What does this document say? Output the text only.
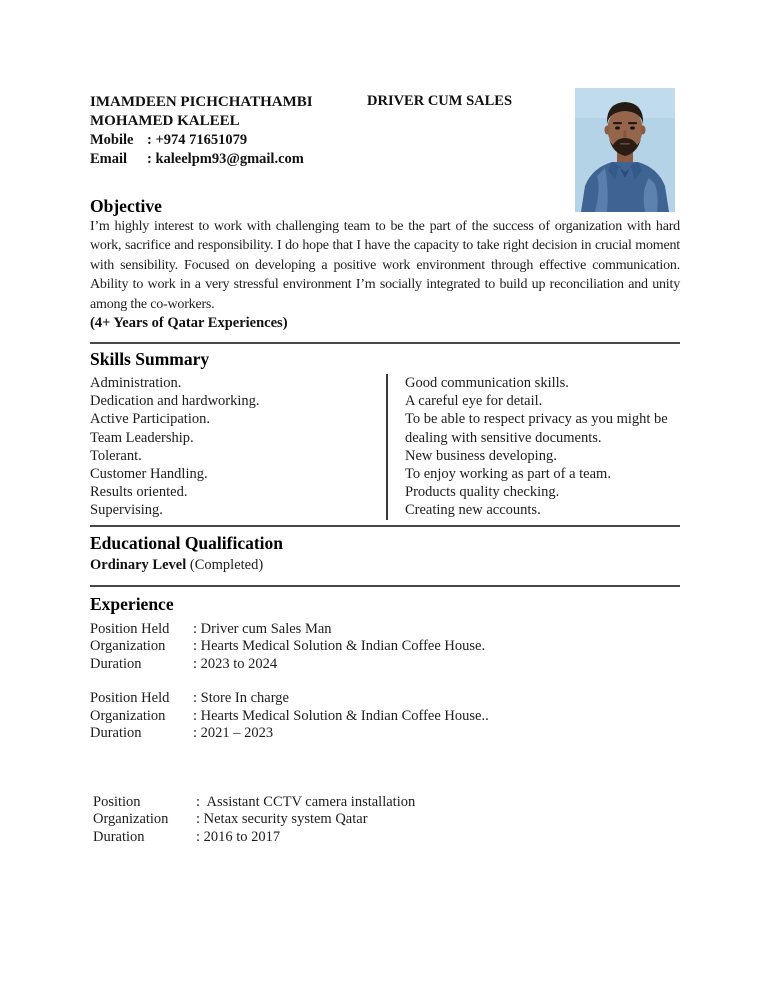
IMAMDEEN PICHCHATHAMBI
MOHAMED KALEEL
DRIVER CUM SALES
Mobile : +974 71651079
Email : kaleelpm93@gmail.com
Objective

I’m highly interest to work with challenging team to be the part of the success of organization with hard work, sacrifice and responsibility. I do hope that I have the capacity to take right decision in crucial moment with sensibility. Focused on developing a positive work environment through effective communication. Ability to work in a very stressful environment I’m socially integrated to build up reconciliation and unity among the co-workers.

(4+ Years of Qatar Experiences)

Skills Summary
Administration.
Dedication and hardworking.
Active Participation.
Team Leadership.
Tolerant.
Customer Handling.
Results oriented.
Supervising.
Good communication skills.
A careful eye for detail.
To be able to respect privacy as you might be dealing with sensitive documents.
New business developing.
To enjoy working as part of a team.
Products quality checking.
Creating new accounts.
Educational Qualification

Ordinary Level (Completed)

Experience
Position Held	: Driver cum Sales Man
Organization	: Hearts Medical Solution & Indian Coffee House.
Duration	: 2023 to 2024
Position Held	: Store In charge
Organization	: Hearts Medical Solution & Indian Coffee House..
Duration	: 2021 – 2023
Position	:  Assistant CCTV camera installation
Organization	: Netax security system Qatar
Duration	: 2016 to 2017
